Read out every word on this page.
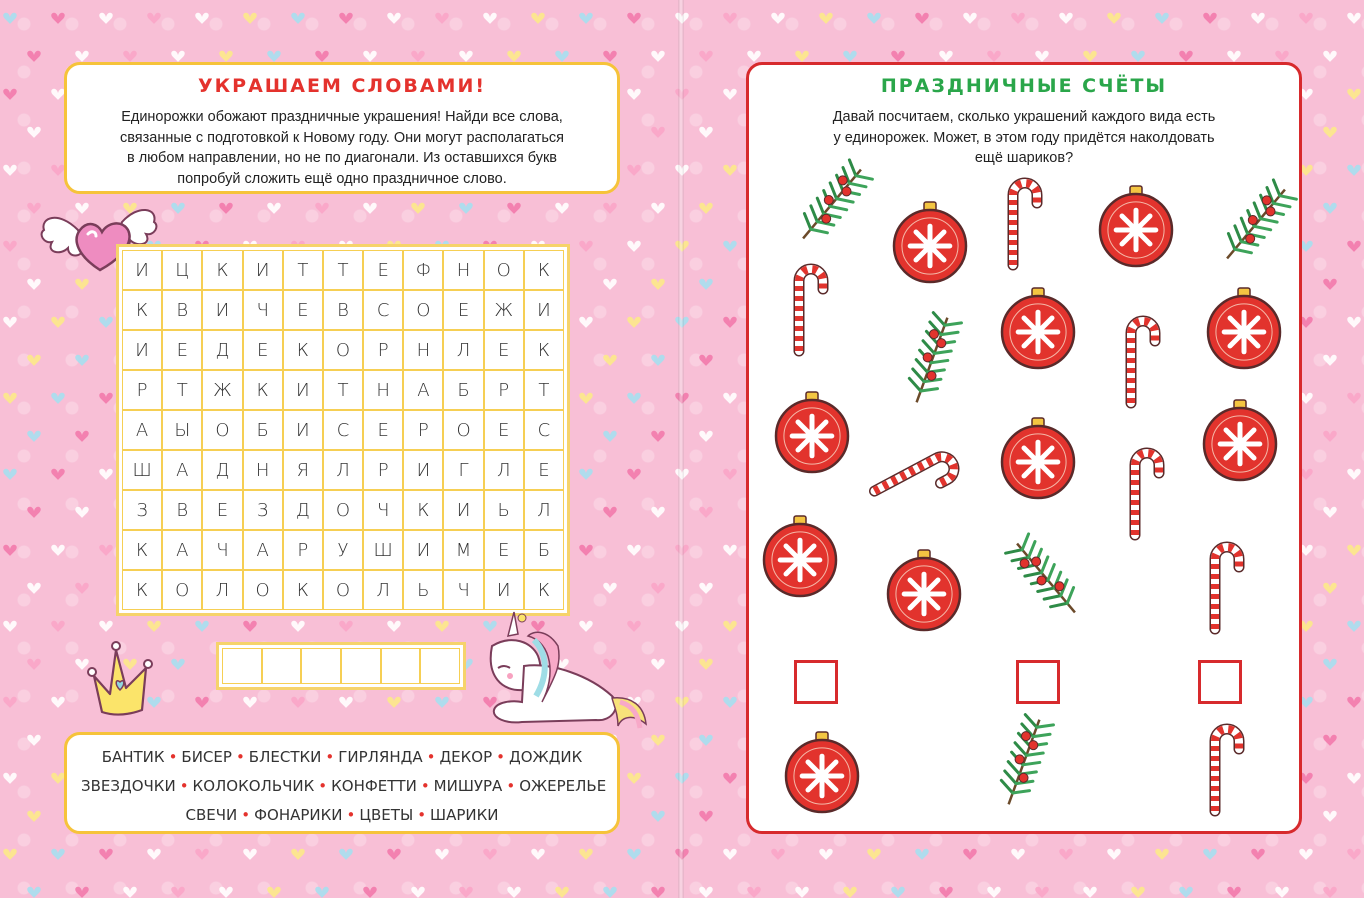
УКРАШАЕМ СЛОВАМИ!
Единорожки обожают праздничные украшения! Найди все слова,
связанные с подготовкой к Новому году. Они могут располагаться
в любом направлении, но не по диагонали. Из оставшихся букв
попробуй сложить ещё одно праздничное слово.
И	Ц	К	И	Т	Т	Е	Ф	Н	О	К
К	В	И	Ч	Е	В	С	О	Е	Ж	И
И	Е	Д	Е	К	О	Р	Н	Л	Е	К
Р	Т	Ж	К	И	Т	Н	А	Б	Р	Т
А	Ы	О	Б	И	С	Е	Р	О	Е	С
Ш	А	Д	Н	Я	Л	Р	И	Г	Л	Е
З	В	Е	З	Д	О	Ч	К	И	Ь	Л
К	А	Ч	А	Р	У	Ш	И	М	Е	Б
К	О	Л	О	К	О	Л	Ь	Ч	И	К
БАНТИК • БИСЕР • БЛЕСТКИ • ГИРЛЯНДА • ДЕКОР • ДОЖДИК
ЗВЕЗДОЧКИ • КОЛОКОЛЬЧИК • КОНФЕТТИ • МИШУРА • ОЖЕРЕЛЬЕ
СВЕЧИ • ФОНАРИКИ • ЦВЕТЫ • ШАРИКИ
ПРАЗДНИЧНЫЕ СЧЁТЫ
Давай посчитаем, сколько украшений каждого вида есть
у единорожек. Может, в этом году придётся наколдовать
ещё шариков?
